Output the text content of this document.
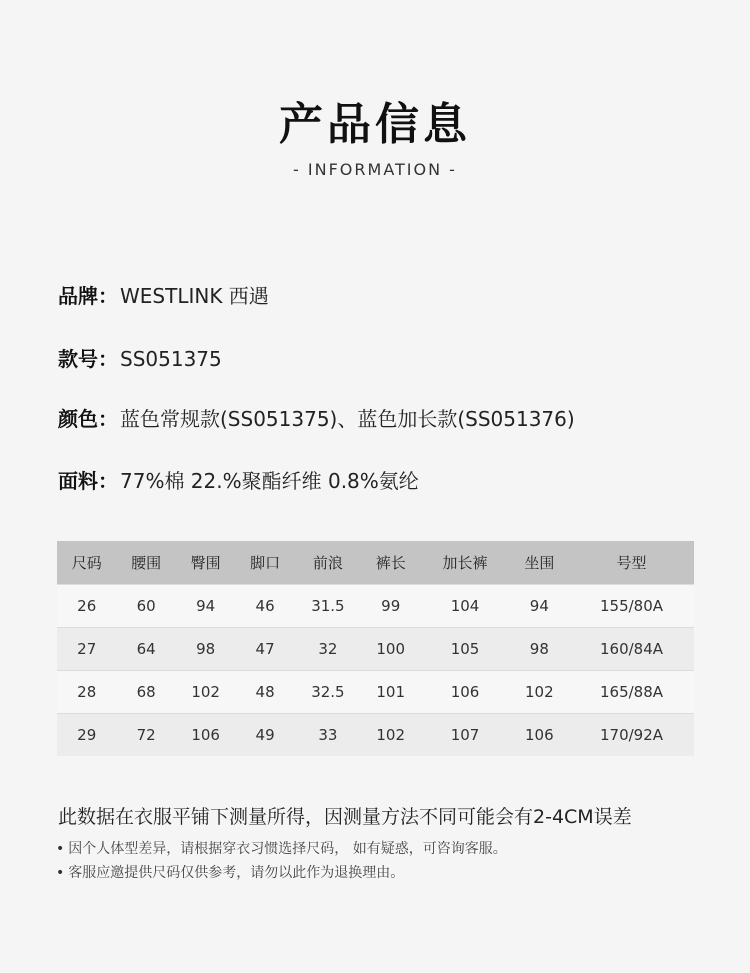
产品信息
- INFORMATION -
品牌： WESTLINK 西遇
款号： SS051375
颜色： 蓝色常规款(SS051375)、蓝色加长款(SS051376)
面料： 77%棉 22.%聚酯纤维 0.8%氨纶
尺码	腰围	臀围	脚口	前浪	裤长	加长裤	坐围	号型
26	60	94	46	31.5	99	104	94	155/80A
27	64	98	47	32	100	105	98	160/84A
28	68	102	48	32.5	101	106	102	165/88A
29	72	106	49	33	102	107	106	170/92A
此数据在衣服平铺下测量所得，因测量方法不同可能会有2-4CM误差
• 因个人体型差异，请根据穿衣习惯选择尺码， 如有疑惑，可咨询客服。
• 客服应邀提供尺码仅供参考，请勿以此作为退换理由。
